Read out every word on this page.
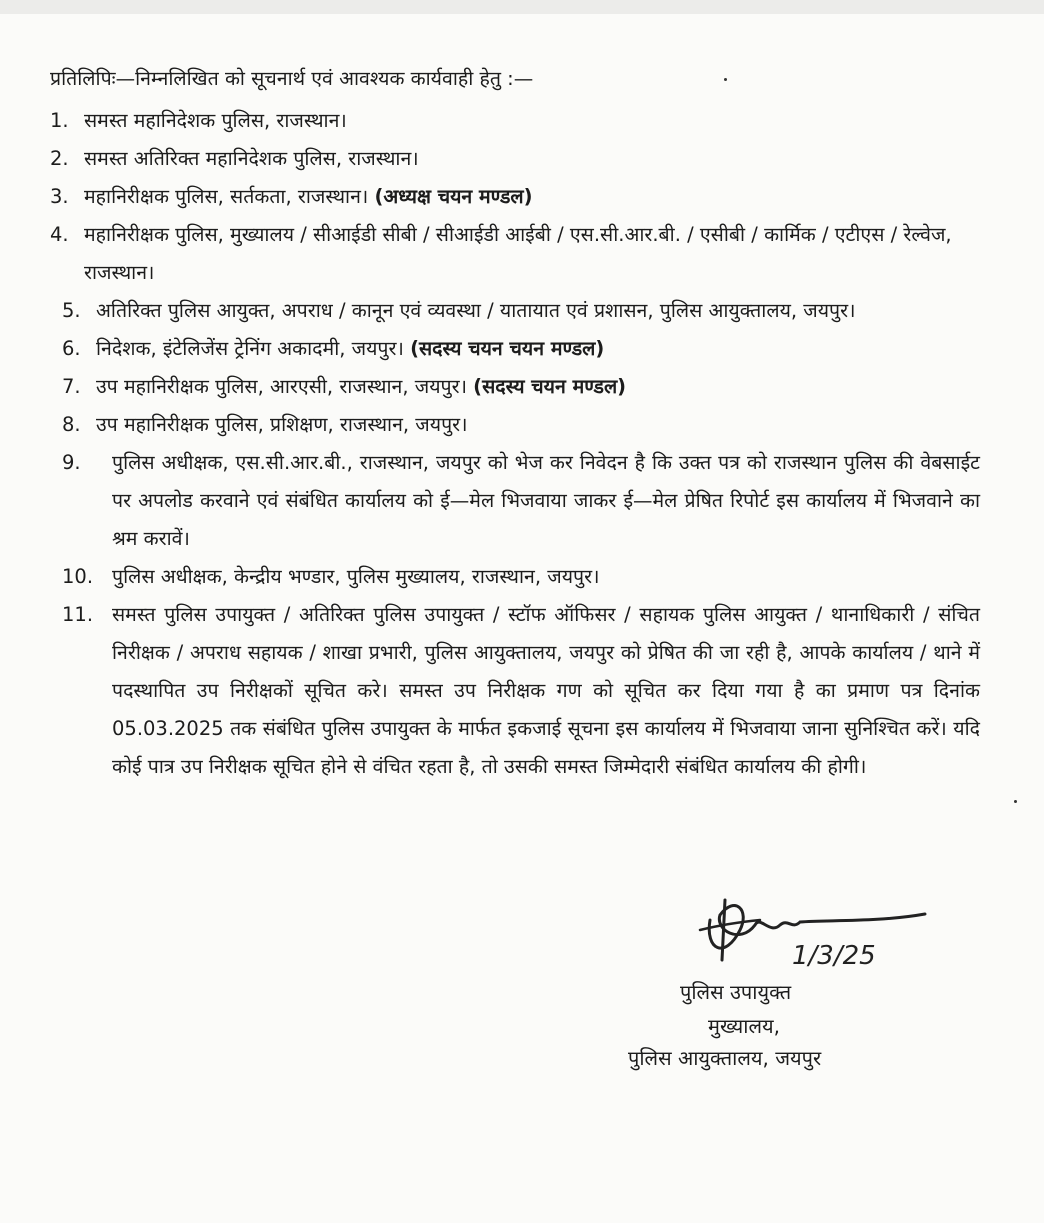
प्रतिलिपिः—निम्नलिखित को सूचनार्थ एवं आवश्यक कार्यवाही हेतु :—
1. समस्त महानिदेशक पुलिस, राजस्थान।
2. समस्त अतिरिक्त महानिदेशक पुलिस, राजस्थान।
3. महानिरीक्षक पुलिस, सर्तकता, राजस्थान। (अध्यक्ष चयन मण्डल)
4. महानिरीक्षक पुलिस, मुख्यालय / सीआईडी सीबी / सीआईडी आईबी / एस.सी.आर.बी. / एसीबी / कार्मिक / एटीएस / रेल्वेज, राजस्थान।
5. अतिरिक्त पुलिस आयुक्त, अपराध / कानून एवं व्यवस्था / यातायात एवं प्रशासन, पुलिस आयुक्तालय, जयपुर।
6. निदेशक, इंटेलिजेंस ट्रेनिंग अकादमी, जयपुर। (सदस्य चयन चयन मण्डल)
7. उप महानिरीक्षक पुलिस, आरएसी, राजस्थान, जयपुर। (सदस्य चयन मण्डल)
8. उप महानिरीक्षक पुलिस, प्रशिक्षण, राजस्थान, जयपुर।
9. पुलिस अधीक्षक, एस.सी.आर.बी., राजस्थान, जयपुर को भेज कर निवेदन है कि उक्त पत्र को राजस्थान पुलिस की वेबसाईट पर अपलोड करवाने एवं संबंधित कार्यालय को ई—मेल भिजवाया जाकर ई—मेल प्रेषित रिपोर्ट इस कार्यालय में भिजवाने का श्रम करावें।
10. पुलिस अधीक्षक, केन्द्रीय भण्डार, पुलिस मुख्यालय, राजस्थान, जयपुर।
11. समस्त पुलिस उपायुक्त / अतिरिक्त पुलिस उपायुक्त / स्टॉफ ऑफिसर / सहायक पुलिस आयुक्त / थानाधिकारी / संचित निरीक्षक / अपराध सहायक / शाखा प्रभारी, पुलिस आयुक्तालय, जयपुर को प्रेषित की जा रही है, आपके कार्यालय / थाने में पदस्थापित उप निरीक्षकों सूचित करे। समस्त उप निरीक्षक गण को सूचित कर दिया गया है का प्रमाण पत्र दिनांक 05.03.2025 तक संबंधित पुलिस उपायुक्त के मार्फत इकजाई सूचना इस कार्यालय में भिजवाया जाना सुनिश्चित करें। यदि कोई पात्र उप निरीक्षक सूचित होने से वंचित रहता है, तो उसकी समस्त जिम्मेदारी संबंधित कार्यालय की होगी।
1/3/25
पुलिस उपायुक्त
मुख्यालय,
पुलिस आयुक्तालय, जयपुर
